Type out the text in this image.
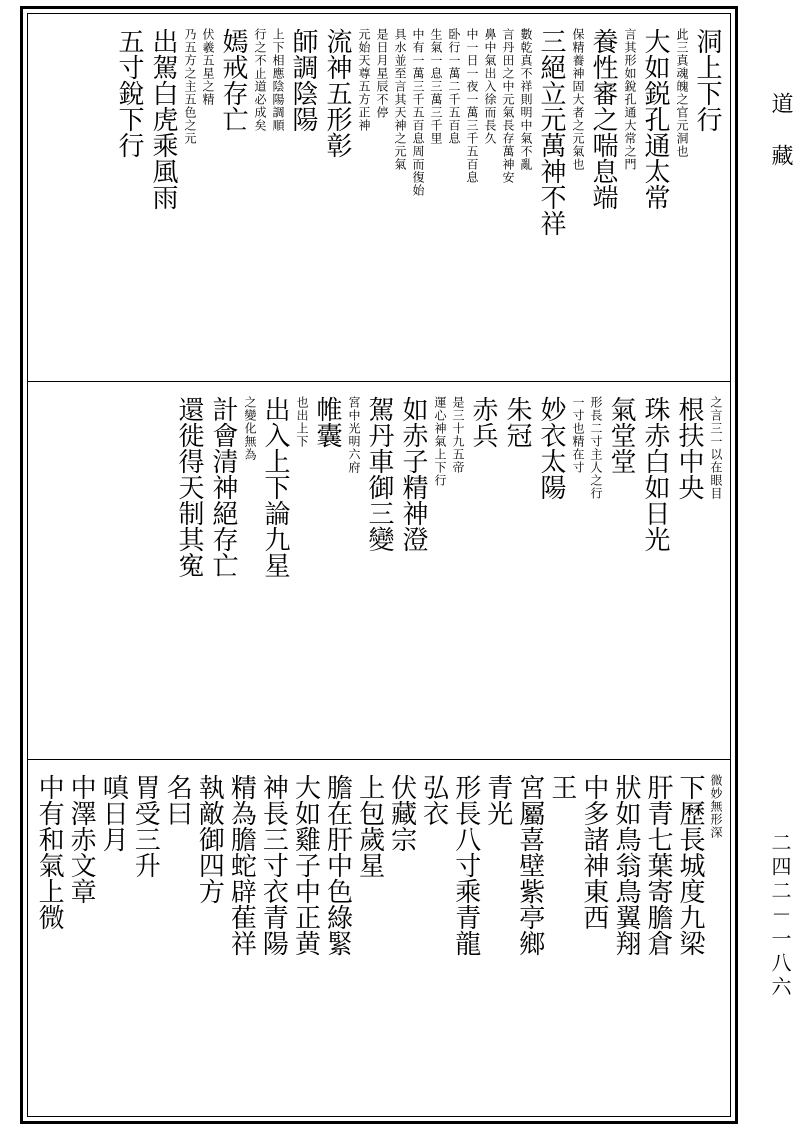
洞上下行
此三真魂魄之官元洞也
大如鋭孔通太常
言其形如銳孔通大常之門
養性審之喘息端
保精養神固大者之元氣也
三絕立元萬神不祥
數乾真不祥則明中氣不亂
言丹田之中元氣長存萬神安
鼻中氣出入徐而長久
中一日一夜一萬三千五百息
卧行一萬二千五百息
生氣一息三萬三千里
中有一萬三千五百息周而復始
具水並至言其天神之元氣
是日月星辰不停
元始天尊五方正神
流神五形彰
師調陰陽
上下相應陰陽調順
行之不止道必成矣
嫣戒存亡
伏羲五星之精
乃五方之主五色之元
出駕白虎乘風雨
五寸銳下行
之言三一以在眼目
根扶中央
珠赤白如日光
氣堂堂
形長二寸主人之行
一寸也精在寸
妙衣太陽
朱冠
赤兵
是三十九五帝
運心神氣上下行
如赤子精神澄
駕丹車御三變
宮中光明六府
帷囊
也出上下
出入上下論九星
之變化無為
計會清神絕存亡
還徙得天制其寃
微妙無形深
下歷長城度九梁
肝青七葉寄膽倉
狀如鳥翁鳥翼翔
中多諸神東西
王
宮屬喜壁紫亭鄉
青光
形長八寸乘青龍
弘衣
伏藏宗
上包歲星
膽在肝中色綠緊
大如雞子中正黄
神長三寸衣青陽
精為膽蛇辟萑祥
執敵御四方
名曰
胃受三升
嗔日月
中澤赤文章
中有和氣上微
道藏
二四二－一八六
